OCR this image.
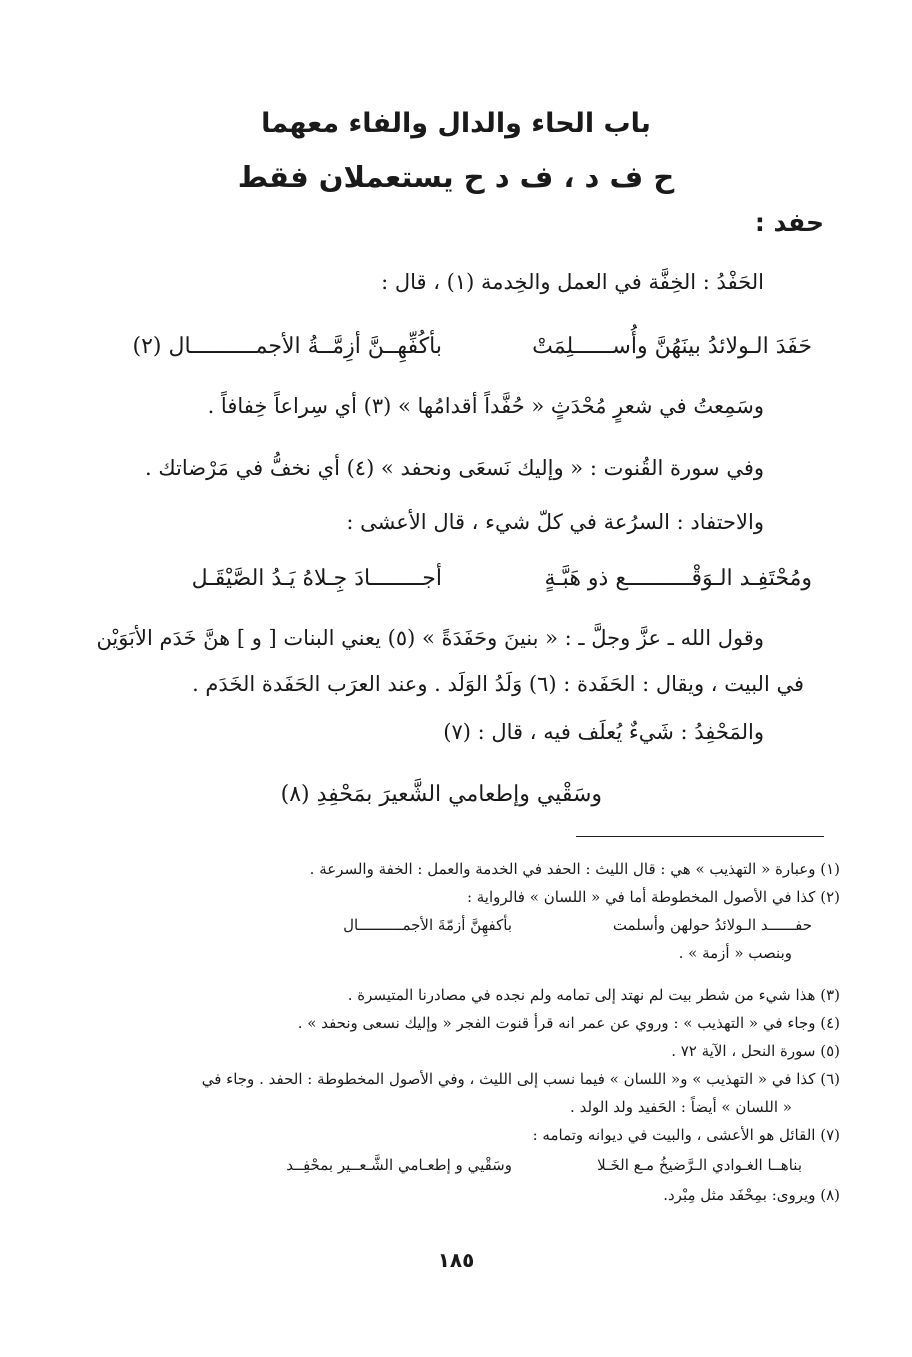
باب الحاء والدال والفاء معهما
ح ف د ، ف د ح يستعملان فقط
حفد :
الحَفْدُ : الخِفَّة في العمل والخِدمة (١) ، قال :
حَفَدَ الـولائدُ بينَهُنَّ وأُســــــلِمَتْ
بأكُفِّهِــنَّ أزِمَّــةُ الأجمــــــــــال (٢)
وسَمِعتُ في شعرٍ مُحْدَثٍ « حُفَّداً أقدامُها » (٣) أي سِراعاً خِفافاً .
وفي سورة القُنوت : « وإليك نَسعَى ونحفد » (٤) أي نخفُّ في مَرْضاتك .
والاحتفاد : السرُعة في كلّ شيء ، قال الأعشى :
ومُحْتَفِـد الـوَقْــــــــــع ذو هَبَّـةٍ
أجــــــــادَ جِـلاهُ يَـدُ الصَّيْقَـل
وقول الله ـ عزَّ وجلَّ ـ : « بنينَ وحَفَدَةً » (٥) يعني البنات [ و ] هنَّ خَدَم الأبَوَيْن
في البيت ، ويقال : الحَفَدة : (٦) وَلَدُ الوَلَد . وعند العرَب الحَفَدة الخَدَم .
والمَحْفِدُ : شَيءٌ يُعلَف فيه ، قال : (٧)
وسَقْيي وإطعامي الشَّعيرَ بمَحْفِدِ (٨)
(١) وعبارة « التهذيب » هي : قال الليث : الحفد في الخدمة والعمل : الخفة والسرعة .
(٢) كذا في الأصول المخطوطة أما في « اللسان » فالرواية :
حفــــــد الـولائدُ حولهن وأسلمت
بأكفهِنَّ أزمّةَ الأجمــــــــــال
وبنصب « أزمة » .
(٣) هذا شيء من شطر بيت لم نهتد إلى تمامه ولم نجده في مصادرنا المتيسرة .
(٤) وجاء في « التهذيب » : وروي عن عمر انه قرأ قنوت الفجر « وإليك نسعى ونحفد » .
(٥) سورة النحل ، الآية ٧٢ .
(٦) كذا في « التهذيب » و« اللسان » فيما نسب إلى الليث ، وفي الأصول المخطوطة : الحفد . وجاء في
« اللسان » أيضاً : الحَفيد ولد الولد .
(٧) القائل هو الأعشى ، والبيت في ديوانه وتمامه :
بناهــا الغـوادي الـرَّضيخُ مـع الخَـلا
وسَقْيي و إطعـامي الشَّـعــير بمحْفِــد
(٨) ويروى: بمِحْفَد مثل مِبْرد.
١٨٥
